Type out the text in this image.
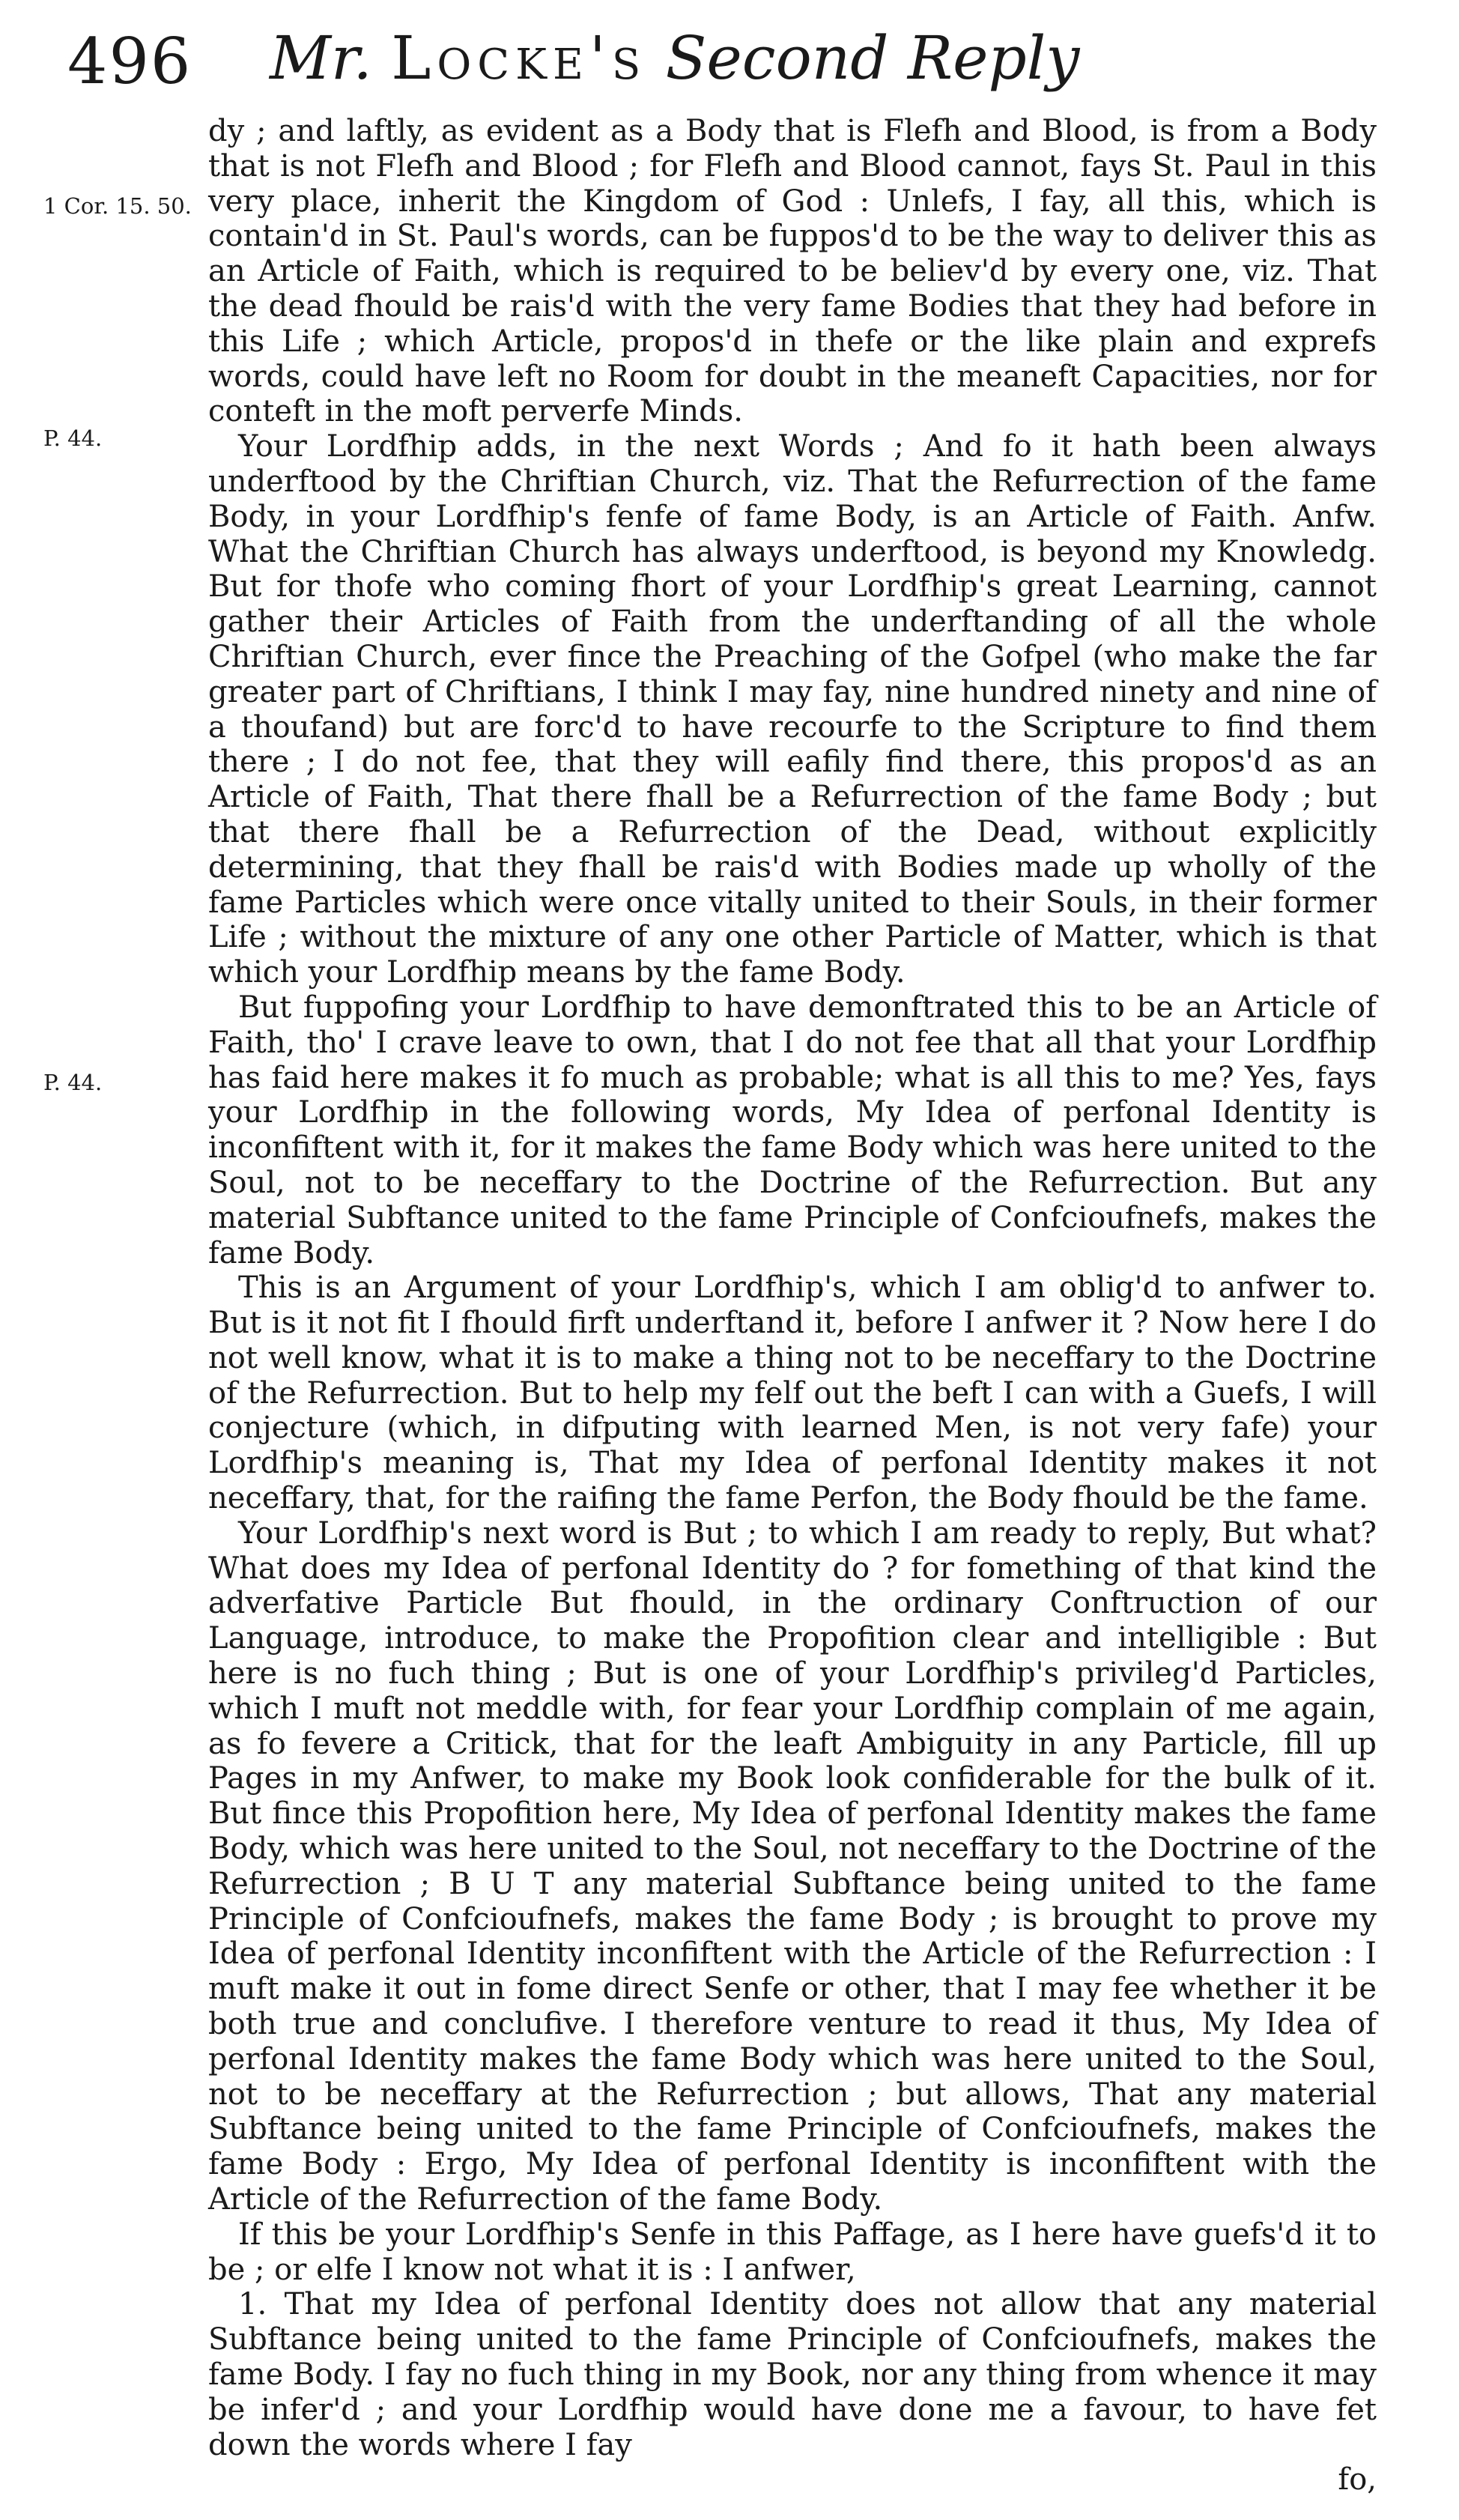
496 Mr. Locke's Second Reply
1 Cor. 15. 50.
P. 44.
P. 44.

dy ; and laftly, as evident as a Body that is Flefh and Blood, is from a Body that is not Flefh and Blood ; for Flefh and Blood cannot, fays St. Paul in this very place, inherit the Kingdom of God : Unlefs, I fay, all this, which is contain'd in St. Paul's words, can be fuppos'd to be the way to deliver this as an Article of Faith, which is required to be believ'd by every one, viz. That the dead fhould be rais'd with the very fame Bodies that they had before in this Life ; which Article, propos'd in thefe or the like plain and exprefs words, could have left no Room for doubt in the meaneft Capacities, nor for conteft in the moft perverfe Minds.

Your Lordfhip adds, in the next Words ; And fo it hath been always underftood by the Chriftian Church, viz. That the Refurrection of the fame Body, in your Lordfhip's fenfe of fame Body, is an Article of Faith. Anfw. What the Chriftian Church has always underftood, is beyond my Knowledg. But for thofe who coming fhort of your Lordfhip's great Learning, cannot gather their Articles of Faith from the underftanding of all the whole Chriftian Church, ever fince the Preaching of the Gofpel (who make the far greater part of Chriftians, I think I may fay, nine hundred ninety and nine of a thoufand) but are forc'd to have recourfe to the Scripture to find them there ; I do not fee, that they will eafily find there, this propos'd as an Article of Faith, That there fhall be a Refurrection of the fame Body ; but that there fhall be a Refurrection of the Dead, without explicitly determining, that they fhall be rais'd with Bodies made up wholly of the fame Particles which were once vitally united to their Souls, in their former Life ; without the mixture of any one other Particle of Matter, which is that which your Lordfhip means by the fame Body.

But fuppofing your Lordfhip to have demonftrated this to be an Article of Faith, tho' I crave leave to own, that I do not fee that all that your Lordfhip has faid here makes it fo much as probable; what is all this to me? Yes, fays your Lordfhip in the following words, My Idea of perfonal Identity is inconfiftent with it, for it makes the fame Body which was here united to the Soul, not to be neceffary to the Doctrine of the Refurrection. But any material Subftance united to the fame Principle of Confcioufnefs, makes the fame Body.

This is an Argument of your Lordfhip's, which I am oblig'd to anfwer to. But is it not fit I fhould firft underftand it, before I anfwer it ? Now here I do not well know, what it is to make a thing not to be neceffary to the Doctrine of the Refurrection. But to help my felf out the beft I can with a Guefs, I will conjecture (which, in difputing with learned Men, is not very fafe) your Lordfhip's meaning is, That my Idea of perfonal Identity makes it not neceffary, that, for the raifing the fame Perfon, the Body fhould be the fame.

Your Lordfhip's next word is But ; to which I am ready to reply, But what? What does my Idea of perfonal Identity do ? for fomething of that kind the adverfative Particle But fhould, in the ordinary Conftruction of our Language, introduce, to make the Propofition clear and intelligible : But here is no fuch thing ; But is one of your Lordfhip's privileg'd Particles, which I muft not meddle with, for fear your Lordfhip complain of me again, as fo fevere a Critick, that for the leaft Ambiguity in any Particle, fill up Pages in my Anfwer, to make my Book look confiderable for the bulk of it. But fince this Propofition here, My Idea of perfonal Identity makes the fame Body, which was here united to the Soul, not neceffary to the Doctrine of the Refurrection ; B U T any material Subftance being united to the fame Principle of Confcioufnefs, makes the fame Body ; is brought to prove my Idea of perfonal Identity inconfiftent with the Article of the Refurrection : I muft make it out in fome direct Senfe or other, that I may fee whether it be both true and conclufive. I therefore venture to read it thus, My Idea of perfonal Identity makes the fame Body which was here united to the Soul, not to be neceffary at the Refurrection ; but allows, That any material Subftance being united to the fame Principle of Confcioufnefs, makes the fame Body : Ergo, My Idea of perfonal Identity is inconfiftent with the Article of the Refurrection of the fame Body.

If this be your Lordfhip's Senfe in this Paffage, as I here have guefs'd it to be ; or elfe I know not what it is : I anfwer,

1. That my Idea of perfonal Identity does not allow that any material Subftance being united to the fame Principle of Confcioufnefs, makes the fame Body. I fay no fuch thing in my Book, nor any thing from whence it may be infer'd ; and your Lordfhip would have done me a favour, to have fet down the words where I fay

fo,
